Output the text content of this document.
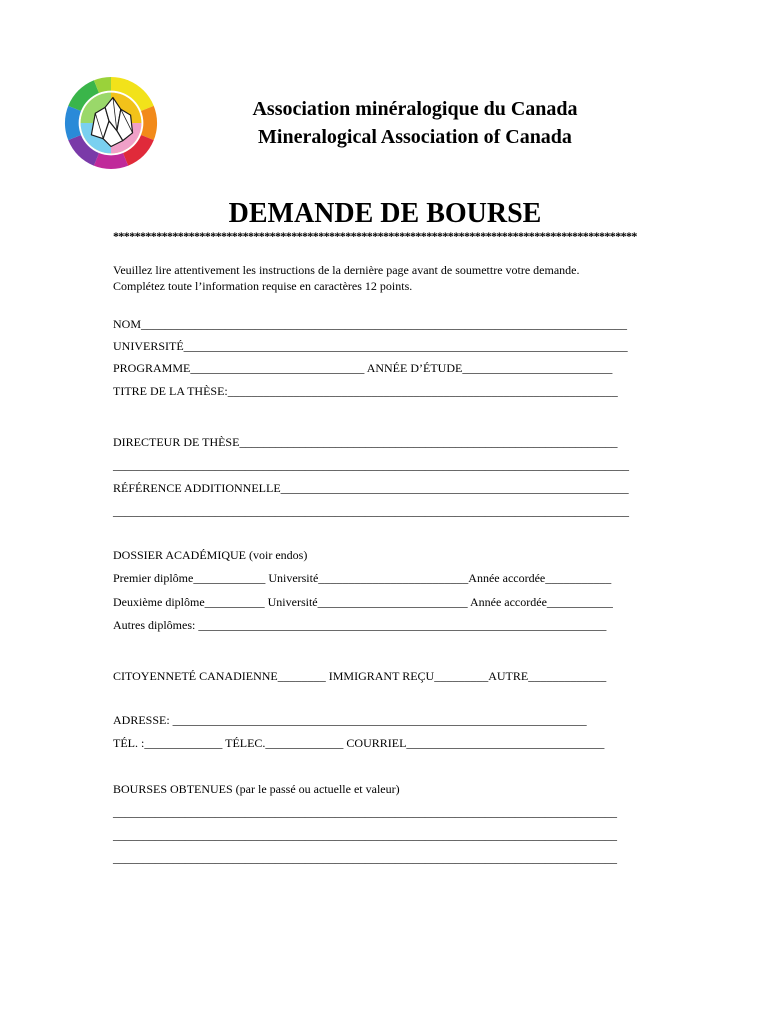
Association minéralogique du Canada
Mineralogical Association of Canada
DEMANDE DE BOURSE
*************************************************************************************************
Veuillez lire attentivement les instructions de la dernière page avant de soumettre votre demande.
Complétez toute l’information requise en caractères 12 points.
NOM_________________________________________________________________________________
UNIVERSITÉ__________________________________________________________________________
PROGRAMME_____________________________ ANNÉE D’ÉTUDE_________________________
TITRE DE LA THÈSE:_________________________________________________________________
DIRECTEUR DE THÈSE_______________________________________________________________
______________________________________________________________________________________
RÉFÉRENCE ADDITIONNELLE__________________________________________________________
______________________________________________________________________________________
DOSSIER ACADÉMIQUE (voir endos)
Premier diplôme____________ Université_________________________Année accordée___________
Deuxième diplôme__________ Université_________________________ Année accordée___________
Autres diplômes: ____________________________________________________________________
CITOYENNETÉ CANADIENNE________ IMMIGRANT REÇU_________AUTRE_____________
ADRESSE: _____________________________________________________________________
TÉL. :_____________ TÉLEC._____________ COURRIEL_________________________________
BOURSES OBTENUES (par le passé ou actuelle et valeur)
____________________________________________________________________________________
____________________________________________________________________________________
____________________________________________________________________________________
